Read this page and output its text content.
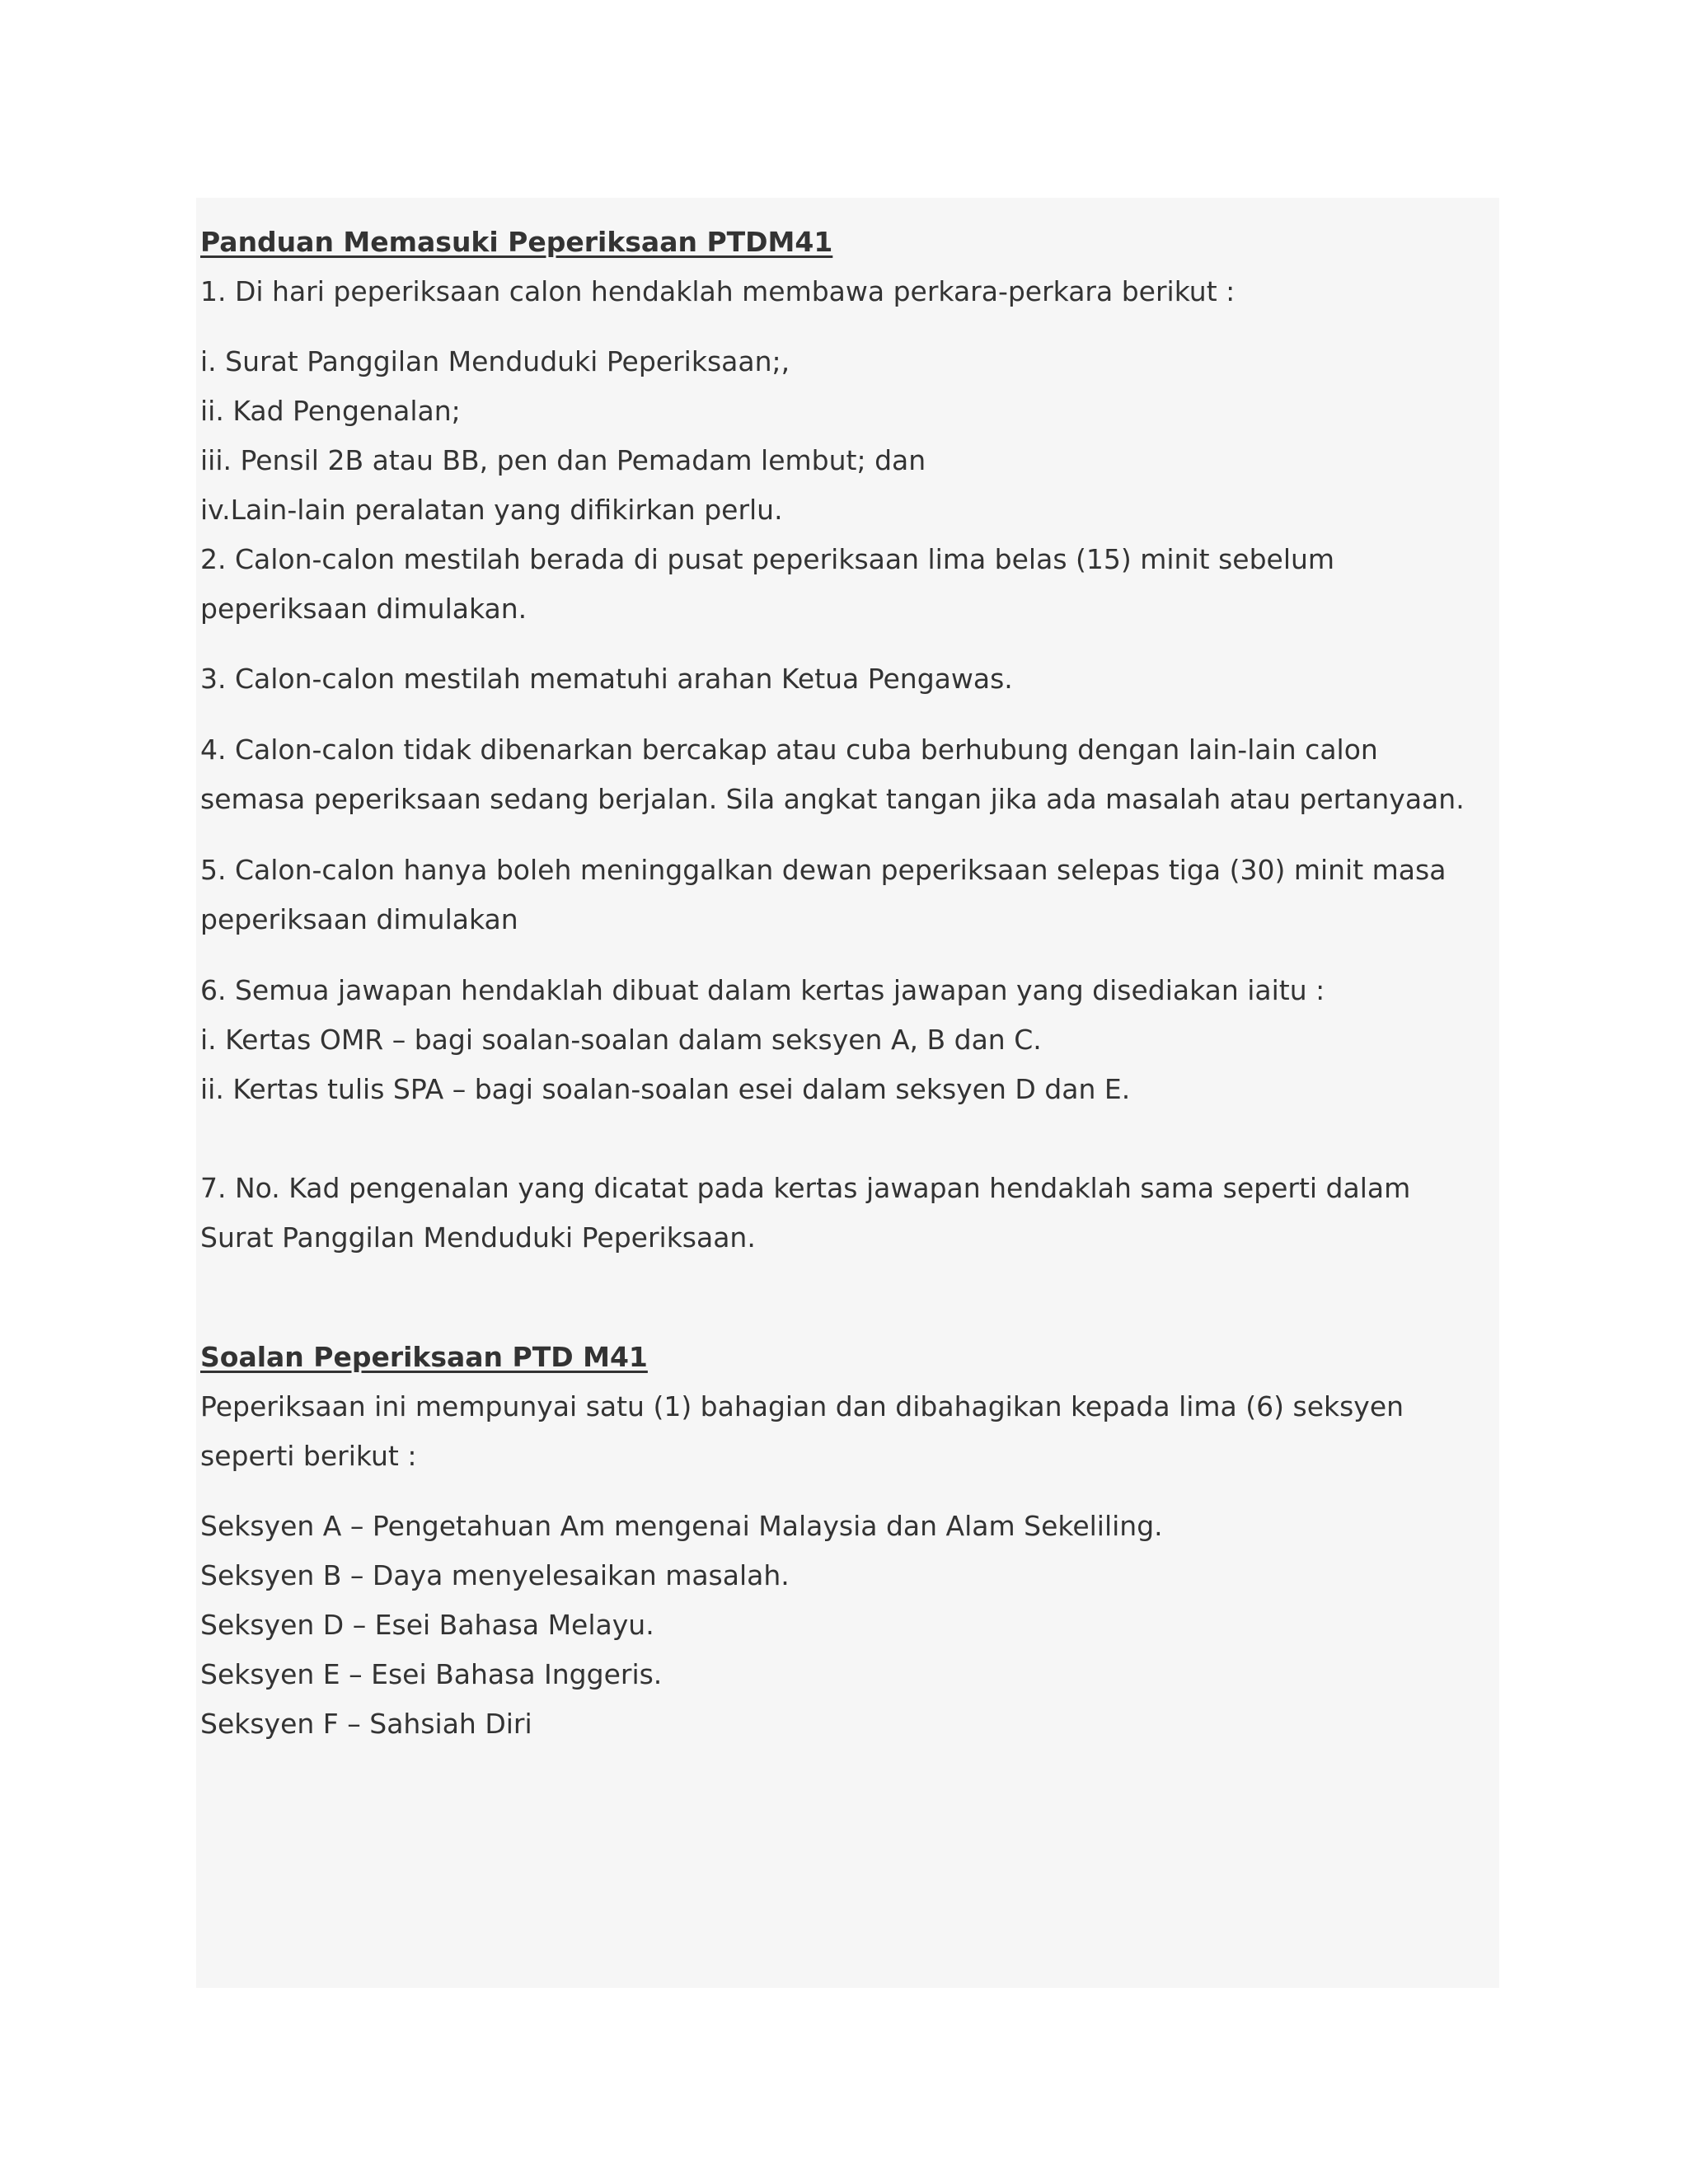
Panduan Memasuki Peperiksaan PTDM41

1. Di hari peperiksaan calon hendaklah membawa perkara-perkara berikut :

i. Surat Panggilan Menduduki Peperiksaan;,

ii. Kad Pengenalan;

iii. Pensil 2B atau BB, pen dan Pemadam lembut; dan

iv.Lain-lain peralatan yang difikirkan perlu.

2. Calon-calon mestilah berada di pusat peperiksaan lima belas (15) minit sebelum peperiksaan dimulakan.

3. Calon-calon mestilah mematuhi arahan Ketua Pengawas.

4. Calon-calon tidak dibenarkan bercakap atau cuba berhubung dengan lain-lain calon semasa peperiksaan sedang berjalan. Sila angkat tangan jika ada masalah atau pertanyaan.

5. Calon-calon hanya boleh meninggalkan dewan peperiksaan selepas tiga (30) minit masa peperiksaan dimulakan

6. Semua jawapan hendaklah dibuat dalam kertas jawapan yang disediakan iaitu :

i. Kertas OMR – bagi soalan-soalan dalam seksyen A, B dan C.

ii. Kertas tulis SPA – bagi soalan-soalan esei dalam seksyen D dan E.

7. No. Kad pengenalan yang dicatat pada kertas jawapan hendaklah sama seperti dalam Surat Panggilan Menduduki Peperiksaan.

Soalan Peperiksaan PTD M41

Peperiksaan ini mempunyai satu (1) bahagian dan dibahagikan kepada lima (6) seksyen seperti berikut :

Seksyen A – Pengetahuan Am mengenai Malaysia dan Alam Sekeliling.

Seksyen B – Daya menyelesaikan masalah.

Seksyen D – Esei Bahasa Melayu.

Seksyen E – Esei Bahasa Inggeris.

Seksyen F – Sahsiah Diri
